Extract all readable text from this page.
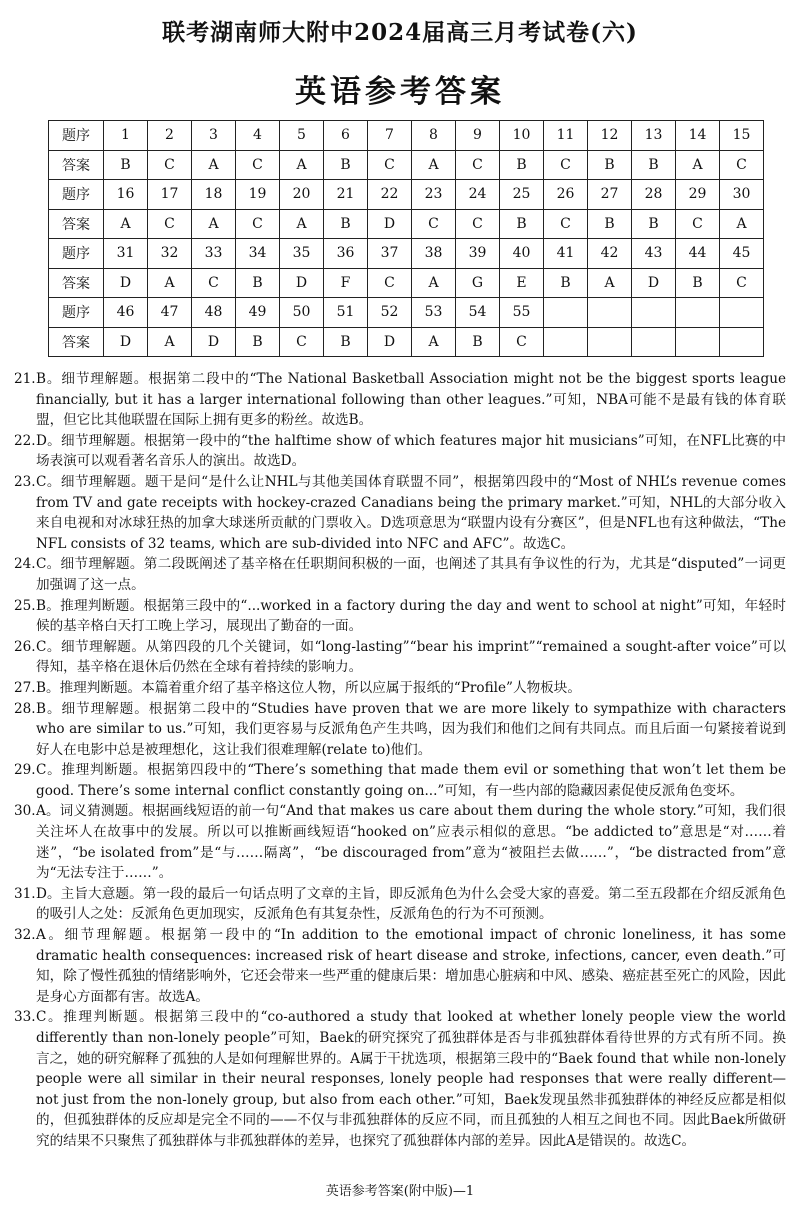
联考湖南师大附中2024届高三月考试卷(六)
英语参考答案
题序	1	2	3	4	5	6	7	8	9	10	11	12	13	14	15
答案	B	C	A	C	A	B	C	A	C	B	C	B	B	A	C
题序	16	17	18	19	20	21	22	23	24	25	26	27	28	29	30
答案	A	C	A	C	A	B	D	C	C	B	C	B	B	C	A
题序	31	32	33	34	35	36	37	38	39	40	41	42	43	44	45
答案	D	A	C	B	D	F	C	A	G	E	B	A	D	B	C
题序	46	47	48	49	50	51	52	53	54	55					
答案	D	A	D	B	C	B	D	A	B	C					
21. B。细节理解题。根据第二段中的“The National Basketball Association might not be the biggest sports league financially, but it has a larger international following than other leagues.”可知，NBA可能不是最有钱的体育联盟，但它比其他联盟在国际上拥有更多的粉丝。故选B。
22. D。细节理解题。根据第一段中的“the halftime show of which features major hit musicians”可知，在NFL比赛的中场表演可以观看著名音乐人的演出。故选D。
23. C。细节理解题。题干是问“是什么让NHL与其他美国体育联盟不同”，根据第四段中的“Most of NHL’s revenue comes from TV and gate receipts with hockey-crazed Canadians being the primary market.”可知，NHL的大部分收入来自电视和对冰球狂热的加拿大球迷所贡献的门票收入。D选项意思为“联盟内设有分赛区”，但是NFL也有这种做法，“The NFL consists of 32 teams, which are sub-divided into NFC and AFC”。故选C。
24. C。细节理解题。第二段既阐述了基辛格在任职期间积极的一面，也阐述了其具有争议性的行为，尤其是“disputed”一词更加强调了这一点。
25. B。推理判断题。根据第三段中的“...worked in a factory during the day and went to school at night”可知，年轻时候的基辛格白天打工晚上学习，展现出了勤奋的一面。
26. C。细节理解题。从第四段的几个关键词，如“long-lasting”“bear his imprint”“remained a sought-after voice”可以得知，基辛格在退休后仍然在全球有着持续的影响力。
27. B。推理判断题。本篇着重介绍了基辛格这位人物，所以应属于报纸的“Profile”人物板块。
28. B。细节理解题。根据第二段中的“Studies have proven that we are more likely to sympathize with characters who are similar to us.”可知，我们更容易与反派角色产生共鸣，因为我们和他们之间有共同点。而且后面一句紧接着说到好人在电影中总是被理想化，这让我们很难理解(relate to)他们。
29. C。推理判断题。根据第四段中的“There’s something that made them evil or something that won’t let them be good. There’s some internal conflict constantly going on...”可知，有一些内部的隐藏因素促使反派角色变坏。
30. A。词义猜测题。根据画线短语的前一句“And that makes us care about them during the whole story.”可知，我们很关注坏人在故事中的发展。所以可以推断画线短语“hooked on”应表示相似的意思。“be addicted to”意思是“对……着迷”，“be isolated from”是“与……隔离”，“be discouraged from”意为“被阻拦去做……”，“be distracted from”意为“无法专注于……”。
31. D。主旨大意题。第一段的最后一句话点明了文章的主旨，即反派角色为什么会受大家的喜爱。第二至五段都在介绍反派角色的吸引人之处：反派角色更加现实，反派角色有其复杂性，反派角色的行为不可预测。
32. A。细节理解题。根据第一段中的“In addition to the emotional impact of chronic loneliness, it has some dramatic health consequences: increased risk of heart disease and stroke, infections, cancer, even death.”可知，除了慢性孤独的情绪影响外，它还会带来一些严重的健康后果：增加患心脏病和中风、感染、癌症甚至死亡的风险，因此是身心方面都有害。故选A。
33. C。推理判断题。根据第三段中的“co-authored a study that looked at whether lonely people view the world differently than non-lonely people”可知，Baek的研究探究了孤独群体是否与非孤独群体看待世界的方式有所不同。换言之，她的研究解释了孤独的人是如何理解世界的。A属于干扰选项，根据第三段中的“Baek found that while non-lonely people were all similar in their neural responses, lonely people had responses that were really different—not just from the non-lonely group, but also from each other.”可知，Baek发现虽然非孤独群体的神经反应都是相似的，但孤独群体的反应却是完全不同的——不仅与非孤独群体的反应不同，而且孤独的人相互之间也不同。因此Baek所做研究的结果不只聚焦了孤独群体与非孤独群体的差异，也探究了孤独群体内部的差异。因此A是错误的。故选C。
英语参考答案(附中版)—1
